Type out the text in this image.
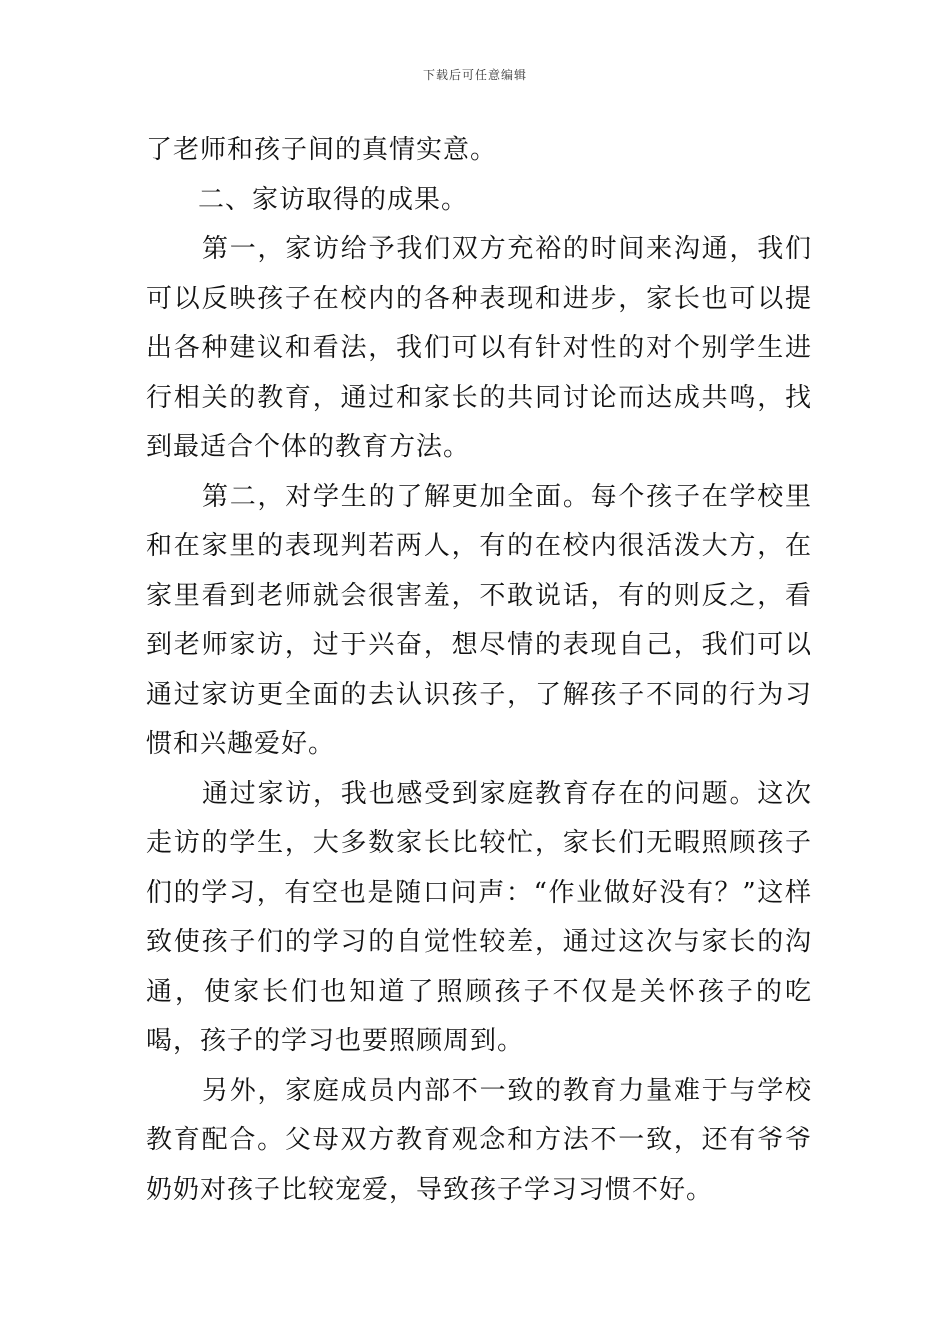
下载后可任意编辑

了老师和孩子间的真情实意。

二、家访取得的成果。

第一，家访给予我们双方充裕的时间来沟通，我们可以反映孩子在校内的各种表现和进步，家长也可以提出各种建议和看法，我们可以有针对性的对个别学生进行相关的教育，通过和家长的共同讨论而达成共鸣，找到最适合个体的教育方法。

第二，对学生的了解更加全面。每个孩子在学校里和在家里的表现判若两人，有的在校内很活泼大方，在家里看到老师就会很害羞，不敢说话，有的则反之，看到老师家访，过于兴奋，想尽情的表现自己，我们可以通过家访更全面的去认识孩子，了解孩子不同的行为习惯和兴趣爱好。

通过家访，我也感受到家庭教育存在的问题。这次走访的学生，大多数家长比较忙，家长们无暇照顾孩子们的学习，有空也是随口问声：“作业做好没有？”这样致使孩子们的学习的自觉性较差，通过这次与家长的沟通，使家长们也知道了照顾孩子不仅是关怀孩子的吃喝，孩子的学习也要照顾周到。

另外，家庭成员内部不一致的教育力量难于与学校教育配合。父母双方教育观念和方法不一致，还有爷爷奶奶对孩子比较宠爱，导致孩子学习习惯不好。
